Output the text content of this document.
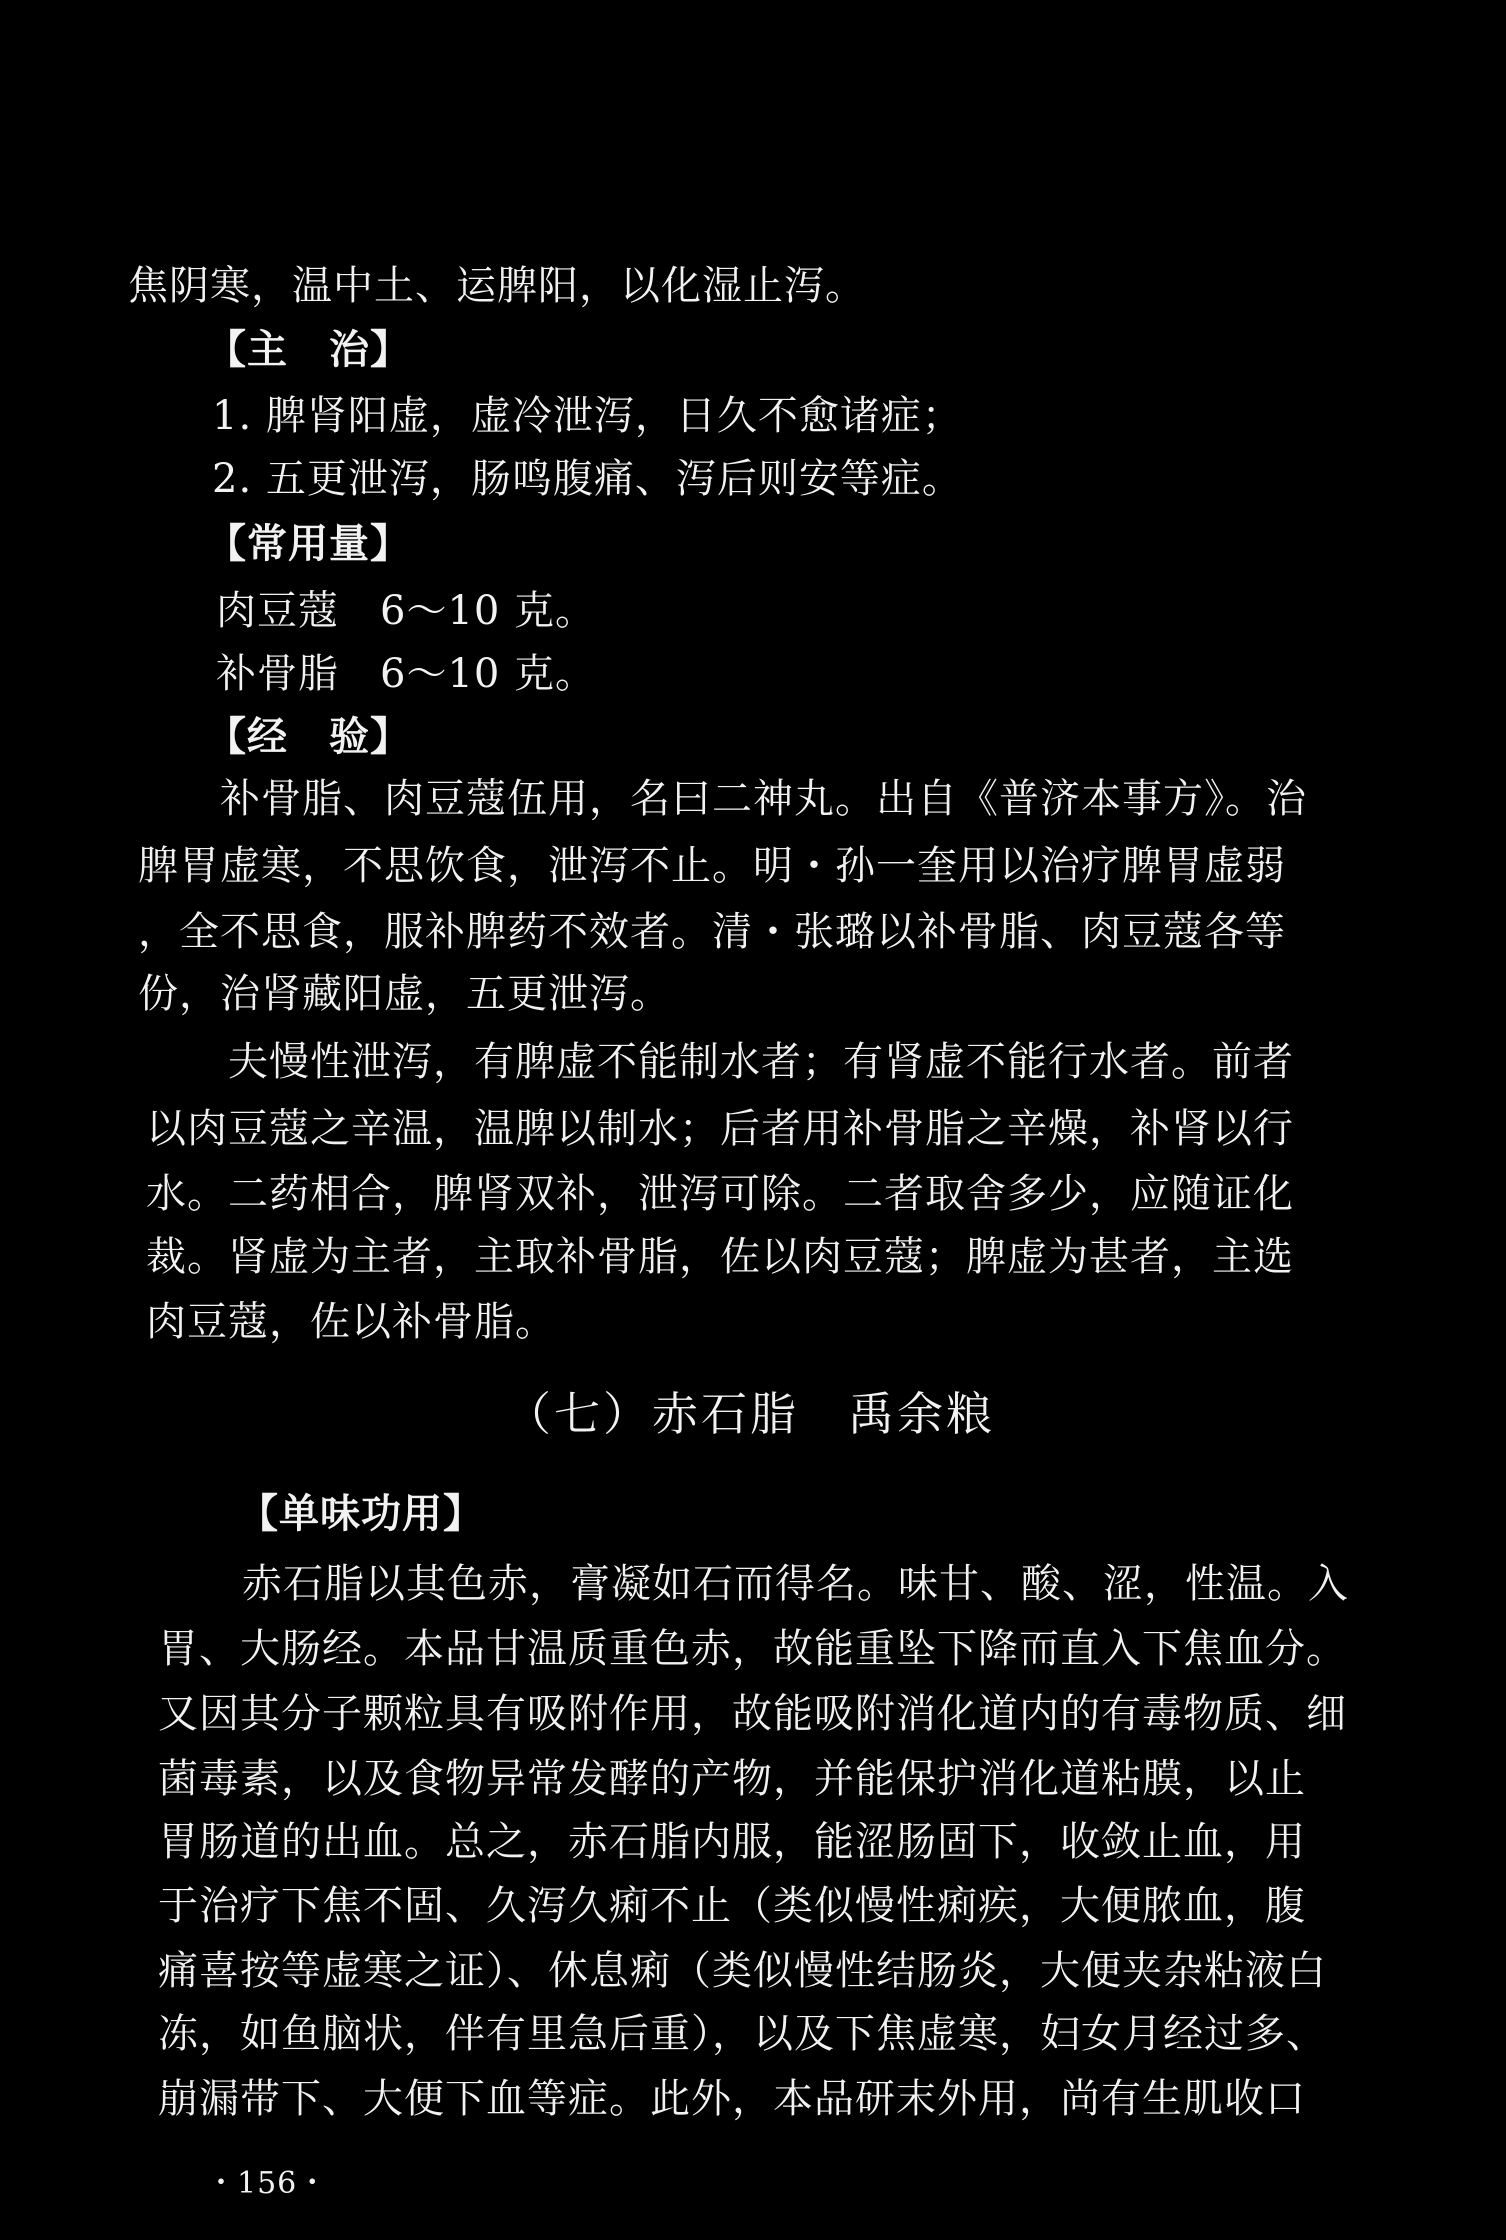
焦阴寒，温中土、运脾阳，以化湿止泻。
【主　治】
1. 脾肾阳虚，虚冷泄泻，日久不愈诸症；
2. 五更泄泻，肠鸣腹痛、泻后则安等症。
【常用量】
肉豆蔻　6～10 克。
补骨脂　6～10 克。
【经　验】
补骨脂、肉豆蔻伍用，名曰二神丸。出自《普济本事方》。治
脾胃虚寒，不思饮食，泄泻不止。明・孙一奎用以治疗脾胃虚弱
，全不思食，服补脾药不效者。清・张璐以补骨脂、肉豆蔻各等
份，治肾藏阳虚，五更泄泻。
夫慢性泄泻，有脾虚不能制水者；有肾虚不能行水者。前者
以肉豆蔻之辛温，温脾以制水；后者用补骨脂之辛燥，补肾以行
水。二药相合，脾肾双补，泄泻可除。二者取舍多少，应随证化
裁。肾虚为主者，主取补骨脂，佐以肉豆蔻；脾虚为甚者，主选
肉豆蔻，佐以补骨脂。
（七）赤石脂　禹余粮
【单味功用】
赤石脂以其色赤，膏凝如石而得名。味甘、酸、涩，性温。入
胃、大肠经。本品甘温质重色赤，故能重坠下降而直入下焦血分。
又因其分子颗粒具有吸附作用，故能吸附消化道内的有毒物质、细
菌毒素，以及食物异常发酵的产物，并能保护消化道粘膜，以止
胃肠道的出血。总之，赤石脂内服，能涩肠固下，收敛止血，用
于治疗下焦不固、久泻久痢不止（类似慢性痢疾，大便脓血，腹
痛喜按等虚寒之证）、休息痢（类似慢性结肠炎，大便夹杂粘液白
冻，如鱼脑状，伴有里急后重），以及下焦虚寒，妇女月经过多、
崩漏带下、大便下血等症。此外，本品研末外用，尚有生肌收口
・156・
